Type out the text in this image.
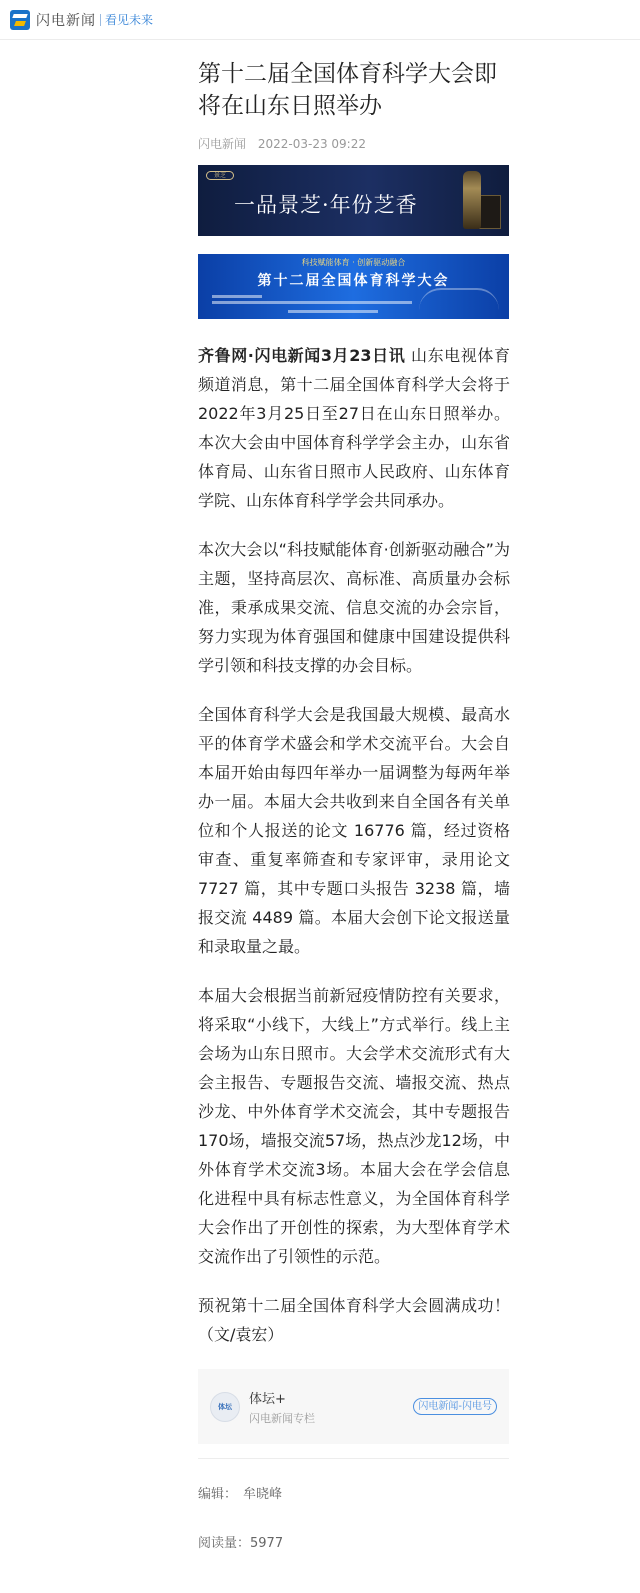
闪电新闻 看见未来
第十二届全国体育科学大会即将在山东日照举办
闪电新闻 2022-03-23 09:22
景芝
一品景芝·年份芝香
科技赋能体育 · 创新驱动融合
第十二届全国体育科学大会

齐鲁网·闪电新闻3月23日讯 山东电视体育频道消息，第十二届全国体育科学大会将于2022年3月25日至27日在山东日照举办。本次大会由中国体育科学学会主办，山东省体育局、山东省日照市人民政府、山东体育学院、山东体育科学学会共同承办。

本次大会以“科技赋能体育·创新驱动融合”为主题，坚持高层次、高标准、高质量办会标准，秉承成果交流、信息交流的办会宗旨，努力实现为体育强国和健康中国建设提供科学引领和科技支撑的办会目标。

全国体育科学大会是我国最大规模、最高水平的体育学术盛会和学术交流平台。大会自本届开始由每四年举办一届调整为每两年举办一届。本届大会共收到来自全国各有关单位和个人报送的论文 16776 篇，经过资格审查、重复率筛查和专家评审，录用论文 7727 篇，其中专题口头报告 3238 篇，墙报交流 4489 篇。本届大会创下论文报送量和录取量之最。

本届大会根据当前新冠疫情防控有关要求，将采取“小线下，大线上”方式举行。线上主会场为山东日照市。大会学术交流形式有大会主报告、专题报告交流、墙报交流、热点沙龙、中外体育学术交流会，其中专题报告170场，墙报交流57场，热点沙龙12场，中外体育学术交流3场。本届大会在学会信息化进程中具有标志性意义，为全国体育科学大会作出了开创性的探索，为大型体育学术交流作出了引领性的示范。

预祝第十二届全国体育科学大会圆满成功！（文/袁宏）

体坛	体坛+
闪电新闻专栏
闪电新闻-闪电号
编辑： 牟晓峰
阅读量：5977
